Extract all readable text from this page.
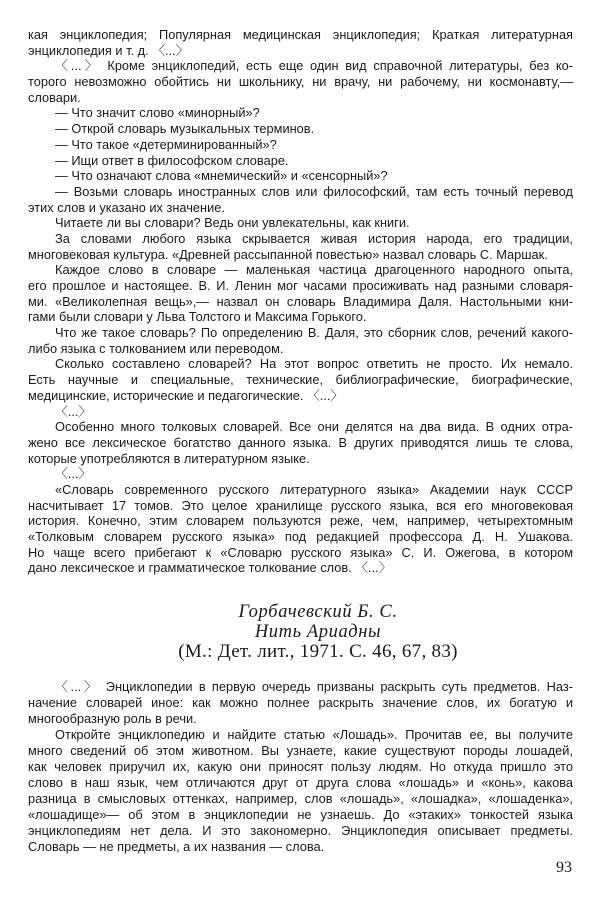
кая энциклопедия; Популярная медицинская энциклопедия; Краткая литературная
энциклопедия и т. д. 〈...〉
〈...〉 Кроме энциклопедий, есть еще один вид справочной литературы, без ко-
торого невозможно обойтись ни школьнику, ни врачу, ни рабочему, ни космонавту,—
словари.
— Что значит слово «минорный»?
— Открой словарь музыкальных терминов.
— Что такое «детерминированный»?
— Ищи ответ в философском словаре.
— Что означают слова «мнемический» и «сенсорный»?
— Возьми словарь иностранных слов или философский, там есть точный перевод
этих слов и указано их значение.
Читаете ли вы словари? Ведь они увлекательны, как книги.
За словами любого языка скрывается живая история народа, его традиции,
многовековая культура. «Древней рассыпанной повестью» назвал словарь С. Маршак.
Каждое слово в словаре — маленькая частица драгоценного народного опыта,
его прошлое и настоящее. В. И. Ленин мог часами просиживать над разными словаря-
ми. «Великолепная вещь»,— назвал он словарь Владимира Даля. Настольными кни-
гами были словари у Льва Толстого и Максима Горького.
Что же такое словарь? По определению В. Даля, это сборник слов, речений какого-
либо языка с толкованием или переводом.
Сколько составлено словарей? На этот вопрос ответить не просто. Их немало.
Есть научные и специальные, технические, библиографические, биографические,
медицинские, исторические и педагогические. 〈...〉
〈...〉
Особенно много толковых словарей. Все они делятся на два вида. В одних отра-
жено все лексическое богатство данного языка. В других приводятся лишь те слова,
которые употребляются в литературном языке.
〈...〉
«Словарь современного русского литературного языка» Академии наук СССР
насчитывает 17 томов. Это целое хранилище русского языка, вся его многовековая
история. Конечно, этим словарем пользуются реже, чем, например, четырехтомным
«Толковым словарем русского языка» под редакцией профессора Д. Н. Ушакова.
Но чаще всего прибегают к «Словарю русского языка» С. И. Ожегова, в котором
дано лексическое и грамматическое толкование слов. 〈...〉
Горбачевский Б. С.
Нить Ариадны
(М.: Дет. лит., 1971. С. 46, 67, 83)
〈...〉 Энциклопедии в первую очередь призваны раскрыть суть предметов. Наз-
начение словарей иное: как можно полнее раскрыть значение слов, их богатую и
многообразную роль в речи.
Откройте энциклопедию и найдите статью «Лошадь». Прочитав ее, вы получите
много сведений об этом животном. Вы узнаете, какие существуют породы лошадей,
как человек приручил их, какую они приносят пользу людям. Но откуда пришло это
слово в наш язык, чем отличаются друг от друга слова «лошадь» и «конь», какова
разница в смысловых оттенках, например, слов «лошадь», «лошадка», «лошаденка»,
«лошадище»— об этом в энциклопедии не узнаешь. До «этаких» тонкостей языка
энциклопедиям нет дела. И это закономерно. Энциклопедия описывает предметы.
Словарь — не предметы, а их названия — слова.
93
